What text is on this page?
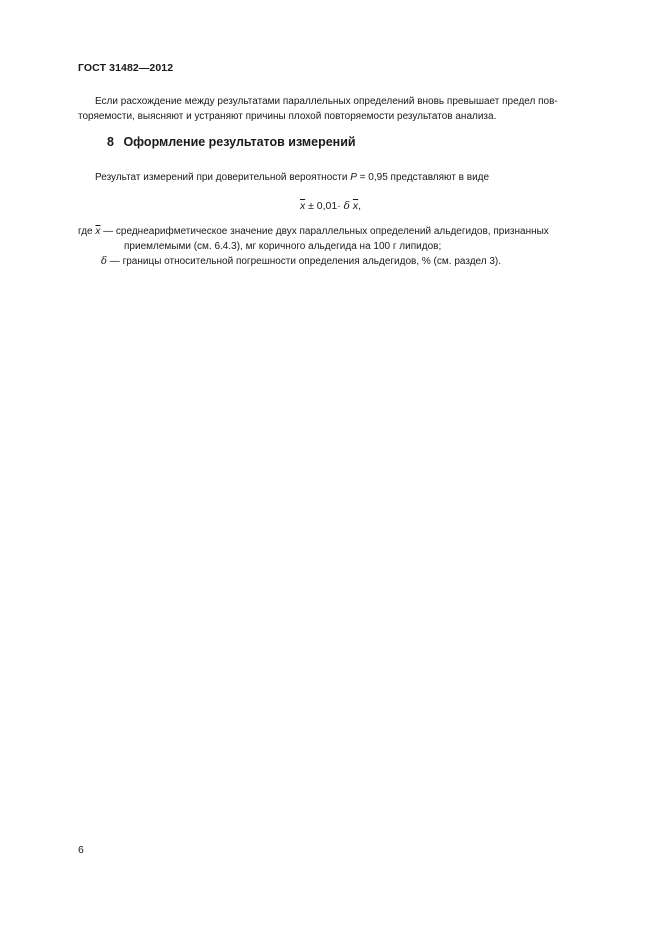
ГОСТ 31482—2012
Если расхождение между результатами параллельных определений вновь превышает предел пов-
торяемости, выясняют и устраняют причины плохой повторяемости результатов анализа.
8 Оформление результатов измерений
Результат измерений при доверительной вероятности P = 0,95 представляют в виде
$\overline{x} \pm 0,01\cdot \delta$ $\overline{x}$,
где $\overline{x}$ — среднеарифметическое значение двух параллельных определений альдегидов, признанных
приемлемыми (см. 6.4.3), мг коричного альдегида на 100 г липидов;
δ — границы относительной погрешности определения альдегидов, % (см. раздел 3).
6
